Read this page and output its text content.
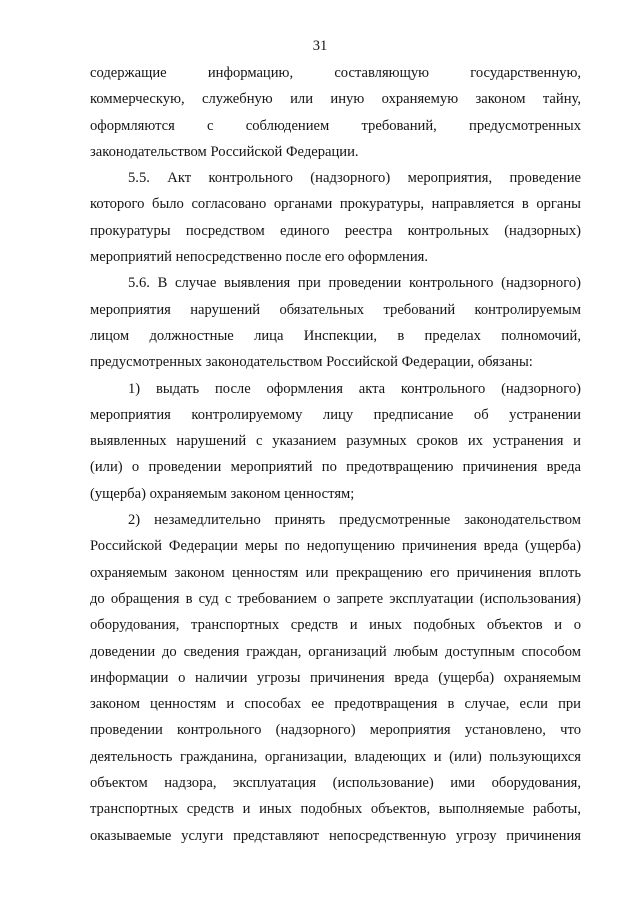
31
содержащие информацию, составляющую государственную,
коммерческую, служебную или иную охраняемую законом тайну,
оформляются с соблюдением требований, предусмотренных
законодательством Российской Федерации.
5.5. Акт контрольного (надзорного) мероприятия, проведение
которого было согласовано органами прокуратуры, направляется в органы
прокуратуры посредством единого реестра контрольных (надзорных)
мероприятий непосредственно после его оформления.
5.6. В случае выявления при проведении контрольного (надзорного)
мероприятия нарушений обязательных требований контролируемым
лицом должностные лица Инспекции, в пределах полномочий,
предусмотренных законодательством Российской Федерации, обязаны:
1) выдать после оформления акта контрольного (надзорного)
мероприятия контролируемому лицу предписание об устранении
выявленных нарушений с указанием разумных сроков их устранения и
(или) о проведении мероприятий по предотвращению причинения вреда
(ущерба) охраняемым законом ценностям;
2) незамедлительно принять предусмотренные законодательством
Российской Федерации меры по недопущению причинения вреда (ущерба)
охраняемым законом ценностям или прекращению его причинения вплоть
до обращения в суд с требованием о запрете эксплуатации (использования)
оборудования, транспортных средств и иных подобных объектов и о
доведении до сведения граждан, организаций любым доступным способом
информации о наличии угрозы причинения вреда (ущерба) охраняемым
законом ценностям и способах ее предотвращения в случае, если при
проведении контрольного (надзорного) мероприятия установлено, что
деятельность гражданина, организации, владеющих и (или) пользующихся
объектом надзора, эксплуатация (использование) ими оборудования,
транспортных средств и иных подобных объектов, выполняемые работы,
оказываемые услуги представляют непосредственную угрозу причинения
